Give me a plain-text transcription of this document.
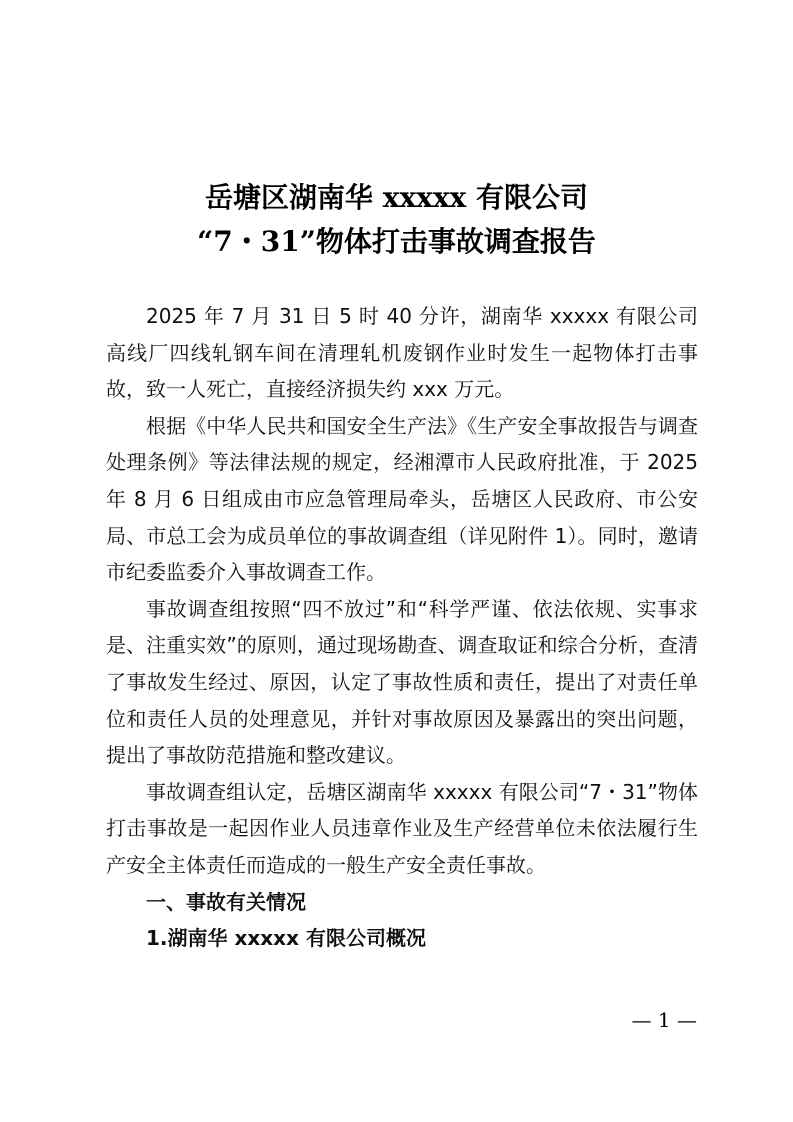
岳塘区湖南华 xxxxx 有限公司
“7・31”物体打击事故调查报告

2025 年 7 月 31 日 5 时 40 分许，湖南华 xxxxx 有限公司高线厂四线轧钢车间在清理轧机废钢作业时发生一起物体打击事故，致一人死亡，直接经济损失约 xxx 万元。

根据《中华人民共和国安全生产法》《生产安全事故报告与调查处理条例》等法律法规的规定，经湘潭市人民政府批准，于 2025 年 8 月 6 日组成由市应急管理局牵头，岳塘区人民政府、市公安局、市总工会为成员单位的事故调查组（详见附件 1）。同时，邀请市纪委监委介入事故调查工作。

事故调查组按照“四不放过”和“科学严谨、依法依规、实事求是、注重实效”的原则，通过现场勘查、调查取证和综合分析，查清了事故发生经过、原因，认定了事故性质和责任，提出了对责任单位和责任人员的处理意见，并针对事故原因及暴露出的突出问题，提出了事故防范措施和整改建议。

事故调查组认定，岳塘区湖南华 xxxxx 有限公司“7・31”物体打击事故是一起因作业人员违章作业及生产经营单位未依法履行生产安全主体责任而造成的一般生产安全责任事故。

一、事故有关情况
1.湖南华 xxxxx 有限公司概况
— 1 —
